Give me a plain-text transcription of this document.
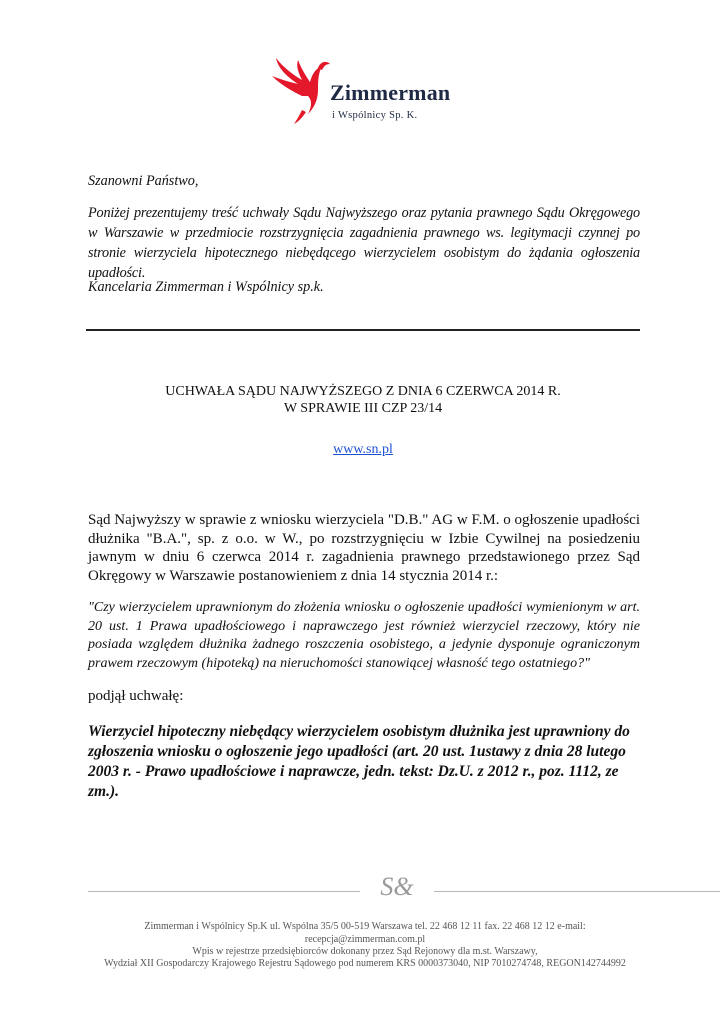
Zimmerman
i Wspólnicy Sp. K.
Szanowni Państwo,
Poniżej prezentujemy treść uchwały Sądu Najwyższego oraz pytania prawnego Sądu Okręgowego w Warszawie w przedmiocie rozstrzygnięcia zagadnienia prawnego ws. legitymacji czynnej po stronie wierzyciela hipotecznego niebędącego wierzycielem osobistym do żądania ogłoszenia upadłości.
Kancelaria Zimmerman i Wspólnicy sp.k.
UCHWAŁA SĄDU NAJWYŻSZEGO Z DNIA 6 CZERWCA 2014 R.
W SPRAWIE III CZP 23/14
www.sn.pl
Sąd Najwyższy w sprawie z wniosku wierzyciela "D.B." AG w F.M. o ogłoszenie upadłości dłużnika "B.A.", sp. z o.o. w W., po rozstrzygnięciu w Izbie Cywilnej na posiedzeniu jawnym w dniu 6 czerwca 2014 r. zagadnienia prawnego przedstawionego przez Sąd Okręgowy w Warszawie postanowieniem z dnia 14 stycznia 2014 r.:
"Czy wierzycielem uprawnionym do złożenia wniosku o ogłoszenie upadłości wymienionym w art. 20 ust. 1 Prawa upadłościowego i naprawczego jest również wierzyciel rzeczowy, który nie posiada względem dłużnika żadnego roszczenia osobistego, a jedynie dysponuje ograniczonym prawem rzeczowym (hipoteką) na nieruchomości stanowiącej własność tego ostatniego?"
podjął uchwałę:
Wierzyciel hipoteczny niebędący wierzycielem osobistym dłużnika jest uprawniony do zgłoszenia wniosku o ogłoszenie jego upadłości (art. 20 ust. 1ustawy z dnia 28 lutego 2003 r. - Prawo upadłościowe i naprawcze, jedn. tekst: Dz.U. z 2012 r., poz. 1112, ze zm.).
S&
Zimmerman i Wspólnicy Sp.K ul. Wspólna 35/5 00-519 Warszawa tel. 22 468 12 11 fax. 22 468 12 12 e-mail:
recepcja@zimmerman.com.pl
Wpis w rejestrze przedsiębiorców dokonany przez Sąd Rejonowy dla m.st. Warszawy,
Wydział XII Gospodarczy Krajowego Rejestru Sądowego pod numerem KRS 0000373040, NIP 7010274748, REGON142744992
